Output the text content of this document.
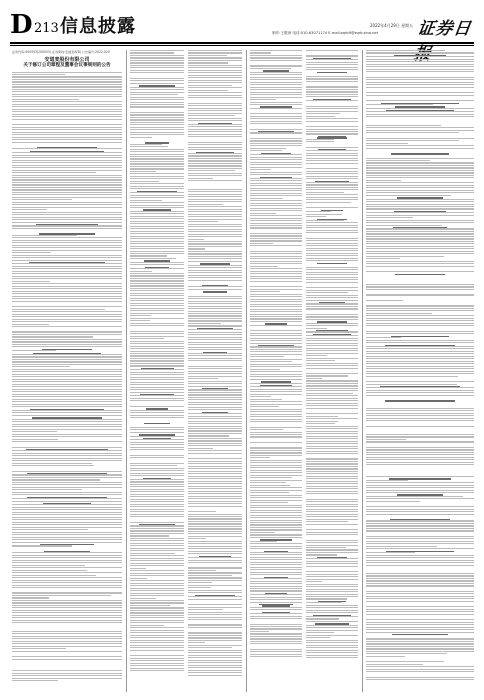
D 213 信息披露	2022年4月29日 星期五
制作:王敬涛 电话:010-63071174 E-mail:zqrb9@zqrb.sina.net 证券日报
证券代码:000553(200553) 证券简称:安道麦A(B) 公告编号:2022-020
安道麦股份有限公司
关于修订公司章程及董事会议事规则的公告
